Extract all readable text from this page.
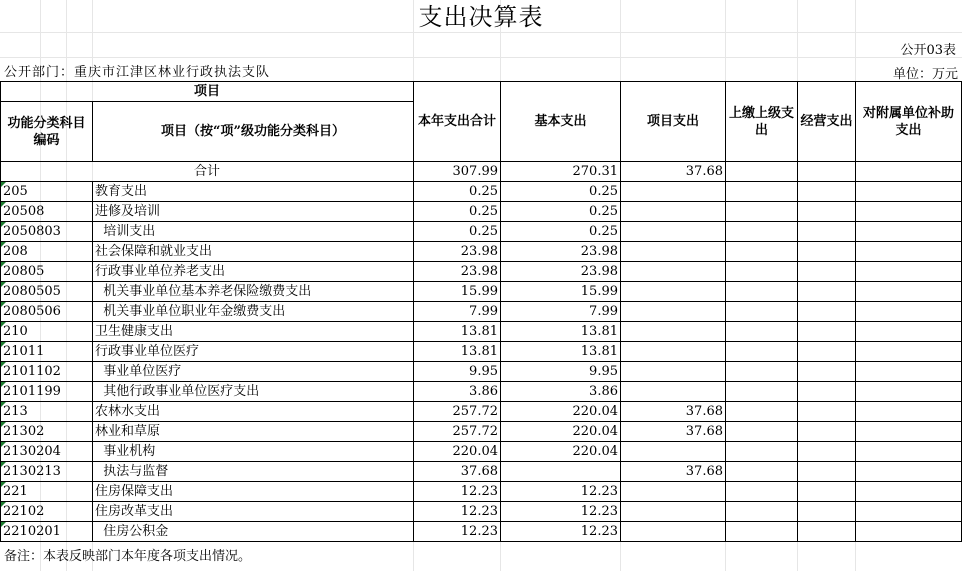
支出决算表
公开03表
公开部门：重庆市江津区林业行政执法支队	单位：万元
项目		本年支出合计	基本支出	项目支出	上缴上级支出	经营支出	对附属单位补助支出
功能分类科目编码	项目（按“项”级功能分类科目）						
合计		307.99	270.31	37.68			
205	教育支出	0.25	0.25				
20508	进修及培训	0.25	0.25				
2050803	培训支出	0.25	0.25				
208	社会保障和就业支出	23.98	23.98				
20805	行政事业单位养老支出	23.98	23.98				
2080505	机关事业单位基本养老保险缴费支出	15.99	15.99				
2080506	机关事业单位职业年金缴费支出	7.99	7.99				
210	卫生健康支出	13.81	13.81				
21011	行政事业单位医疗	13.81	13.81				
2101102	事业单位医疗	9.95	9.95				
2101199	其他行政事业单位医疗支出	3.86	3.86				
213	农林水支出	257.72	220.04	37.68			
21302	林业和草原	257.72	220.04	37.68			
2130204	事业机构	220.04	220.04				
2130213	执法与监督	37.68		37.68			
221	住房保障支出	12.23	12.23				
22102	住房改革支出	12.23	12.23				
2210201	住房公积金	12.23	12.23				
备注：本表反映部门本年度各项支出情况。
